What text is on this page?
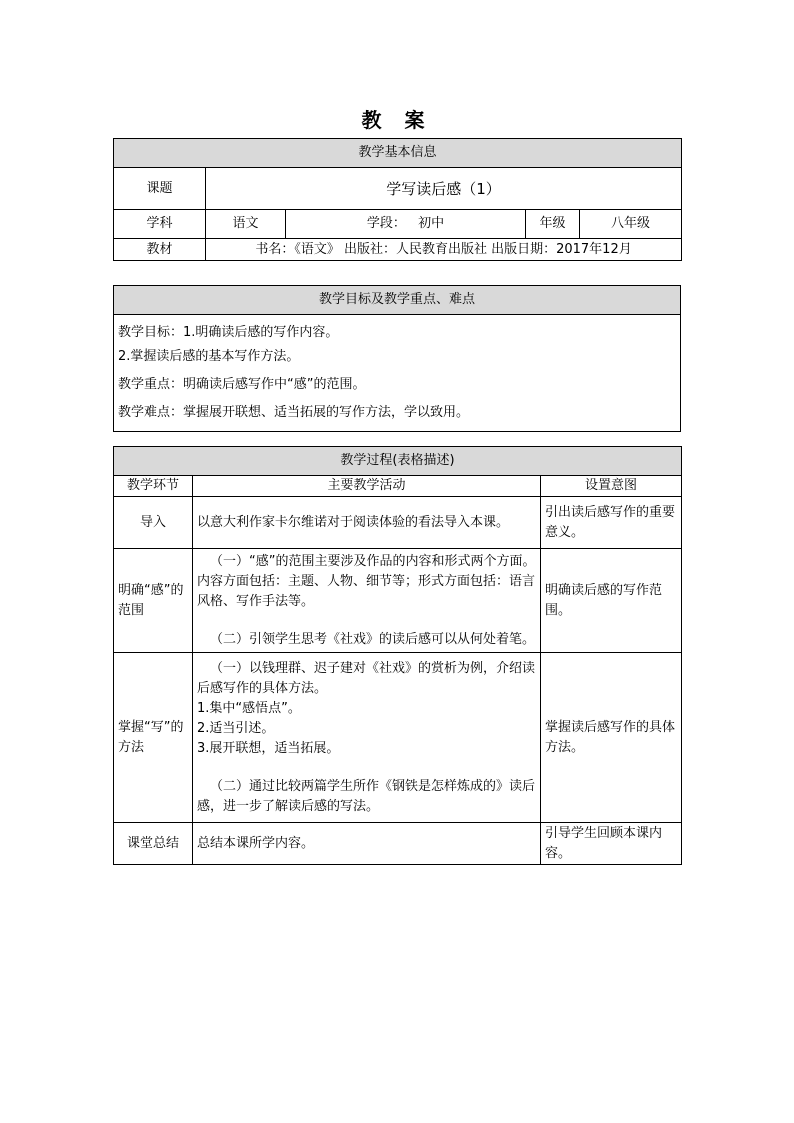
教 案
教学基本信息				
课题	学写读后感（1）			
学科	语文	学段： 初中	年级	八年级
教材	书名：《语文》 出版社：人民教育出版社 出版日期：2017年12月			
教学目标及教学重点、难点

教学目标：1.明确读后感的写作内容。
2.掌握读后感的基本写作方法。
教学重点：明确读后感写作中“感”的范围。
教学难点：掌握展开联想、适当拓展的写作方法，学以致用。
教学过程(表格描述)		
教学环节	主要教学活动	设置意图
导入	以意大利作家卡尔维诺对于阅读体验的看法导入本课。	引出读后感写作的重要意义。
明确“感”的范围	（一）“感”的范围主要涉及作品的内容和形式两个方面。内容方面包括：主题、人物、细节等；形式方面包括：语言风格、写作手法等。
（二）引领学生思考《社戏》的读后感可以从何处着笔。	明确读后感的写作范围。
掌握“写”的方法	（一）以钱理群、迟子建对《社戏》的赏析为例，介绍读后感写作的具体方法。
1.集中“感悟点”。
2.适当引述。
3.展开联想，适当拓展。
（二）通过比较两篇学生所作《钢铁是怎样炼成的》读后感，进一步了解读后感的写法。	掌握读后感写作的具体方法。
课堂总结	总结本课所学内容。	引导学生回顾本课内容。
